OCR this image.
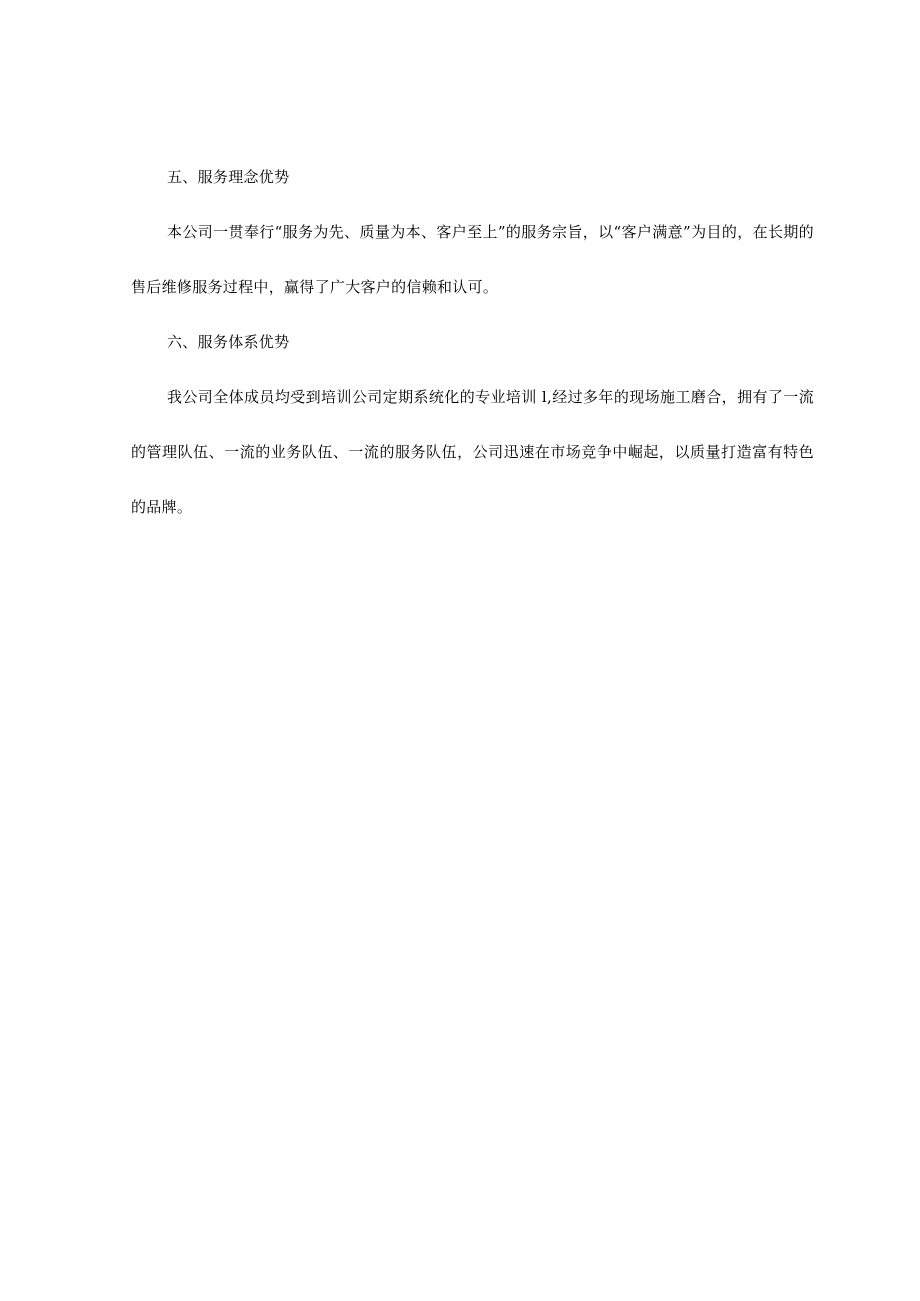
五、服务理念优势

本公司一贯奉行“服务为先、质量为本、客户至上”的服务宗旨，以“客户满意”为目的，在长期的售后维修服务过程中，赢得了广大客户的信赖和认可。

六、服务体系优势

我公司全体成员均受到培训公司定期系统化的专业培训 l,经过多年的现场施工磨合，拥有了一流的管理队伍、一流的业务队伍、一流的服务队伍，公司迅速在市场竞争中崛起，以质量打造富有特色的品牌。
